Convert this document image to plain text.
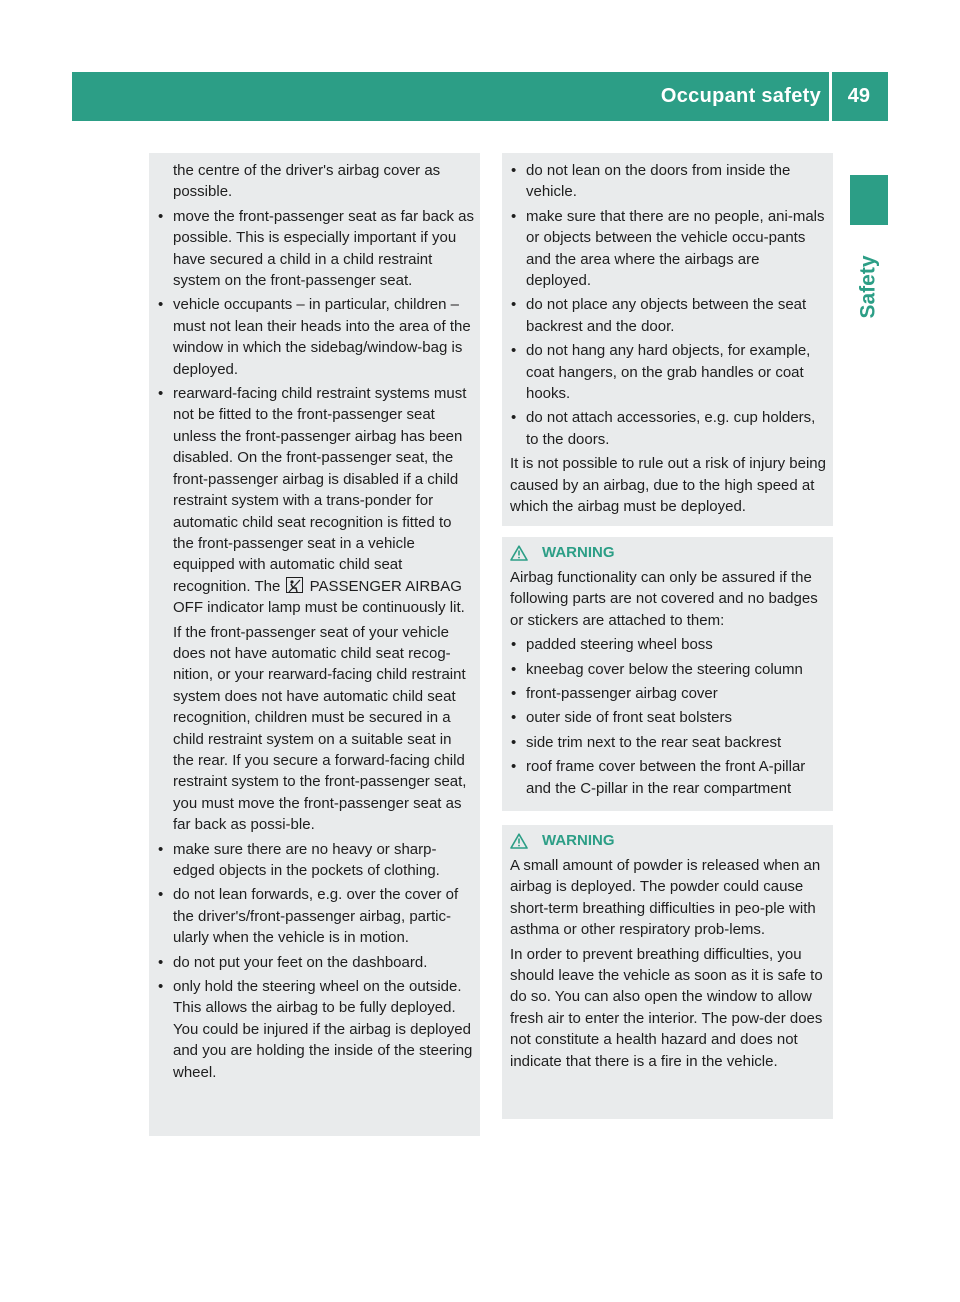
Occupant safety 49
Safety

the centre of the driver's airbag cover as possible.

• move the front-passenger seat as far back as possible. This is especially important if you have secured a child in a child restraint system on the front-passenger seat.

• vehicle occupants – in particular, children – must not lean their heads into the area of the window in which the sidebag/window-bag is deployed.

• rearward-facing child restraint systems must not be fitted to the front-passenger seat unless the front-passenger airbag has been disabled. On the front-passenger seat, the front-passenger airbag is disabled if a child restraint system with a trans-ponder for automatic child seat recognition is fitted to the front-passenger seat in a vehicle equipped with automatic child seat recognition. The PASSENGER AIRBAG OFF indicator lamp must be continuously lit.

If the front-passenger seat of your vehicle does not have automatic child seat recog-nition, or your rearward-facing child restraint system does not have automatic child seat recognition, children must be secured in a child restraint system on a suitable seat in the rear. If you secure a forward-facing child restraint system to the front-passenger seat, you must move the front-passenger seat as far back as possi-ble.

• make sure there are no heavy or sharp-edged objects in the pockets of clothing.

• do not lean forwards, e.g. over the cover of the driver's/front-passenger airbag, partic-ularly when the vehicle is in motion.

• do not put your feet on the dashboard.

• only hold the steering wheel on the outside. This allows the airbag to be fully deployed. You could be injured if the airbag is deployed and you are holding the inside of the steering wheel.

• do not lean on the doors from inside the vehicle.

• make sure that there are no people, ani-mals or objects between the vehicle occu-pants and the area where the airbags are deployed.

• do not place any objects between the seat backrest and the door.

• do not hang any hard objects, for example, coat hangers, on the grab handles or coat hooks.

• do not attach accessories, e.g. cup holders, to the doors.

It is not possible to rule out a risk of injury being caused by an airbag, due to the high speed at which the airbag must be deployed.

WARNING

Airbag functionality can only be assured if the following parts are not covered and no badges or stickers are attached to them:

• padded steering wheel boss

• kneebag cover below the steering column

• front-passenger airbag cover

• outer side of front seat bolsters

• side trim next to the rear seat backrest

• roof frame cover between the front A-pillar and the C-pillar in the rear compartment

WARNING

A small amount of powder is released when an airbag is deployed. The powder could cause short-term breathing difficulties in peo-ple with asthma or other respiratory prob-lems.

In order to prevent breathing difficulties, you should leave the vehicle as soon as it is safe to do so. You can also open the window to allow fresh air to enter the interior. The pow-der does not constitute a health hazard and does not indicate that there is a fire in the vehicle.
